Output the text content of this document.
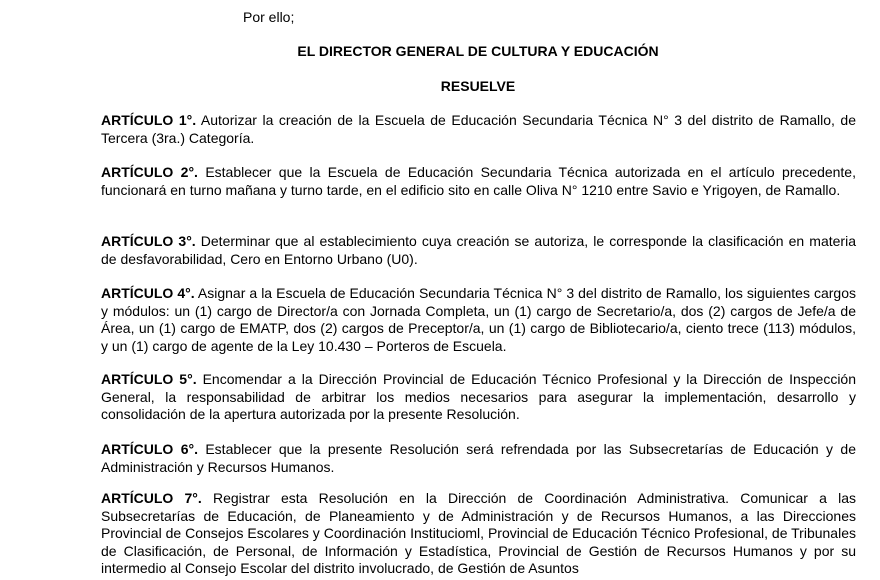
Por ello;
EL DIRECTOR GENERAL DE CULTURA Y EDUCACIÓN
RESUELVE

ARTÍCULO 1°. Autorizar la creación de la Escuela de Educación Secundaria Técnica N° 3 del distrito de Ramallo, de Tercera (3ra.) Categoría.

ARTÍCULO 2°. Establecer que la Escuela de Educación Secundaria Técnica autorizada en el artículo precedente, funcionará en turno mañana y turno tarde, en el edificio sito en calle Oliva N° 1210 entre Savio e Yrigoyen, de Ramallo.

ARTÍCULO 3°. Determinar que al establecimiento cuya creación se autoriza, le corresponde la clasificación en materia de desfavorabilidad, Cero en Entorno Urbano (U0).

ARTÍCULO 4°. Asignar a la Escuela de Educación Secundaria Técnica N° 3 del distrito de Ramallo, los siguientes cargos y módulos: un (1) cargo de Director/a con Jornada Completa, un (1) cargo de Secretario/a, dos (2) cargos de Jefe/a de Área, un (1) cargo de EMATP, dos (2) cargos de Preceptor/a, un (1) cargo de Bibliotecario/a, ciento trece (113) módulos, y un (1) cargo de agente de la Ley 10.430 – Porteros de Escuela.

ARTÍCULO 5°. Encomendar a la Dirección Provincial de Educación Técnico Profesional y la Dirección de Inspección General, la responsabilidad de arbitrar los medios necesarios para asegurar la implementación, desarrollo y consolidación de la apertura autorizada por la presente Resolución.

ARTÍCULO 6°. Establecer que la presente Resolución será refrendada por las Subsecretarías de Educación y de Administración y Recursos Humanos.

ARTÍCULO 7°. Registrar esta Resolución en la Dirección de Coordinación Administrativa. Comunicar a las Subsecretarías de Educación, de Planeamiento y de Administración y de Recursos Humanos, a las Direcciones Provincial de Consejos Escolares y Coordinación Institucioml, Provincial de Educación Técnico Profesional, de Tribunales de Clasificación, de Personal, de Información y Estadística, Provincial de Gestión de Recursos Humanos y por su intermedio al Consejo Escolar del distrito involucrado, de Gestión de Asuntos
